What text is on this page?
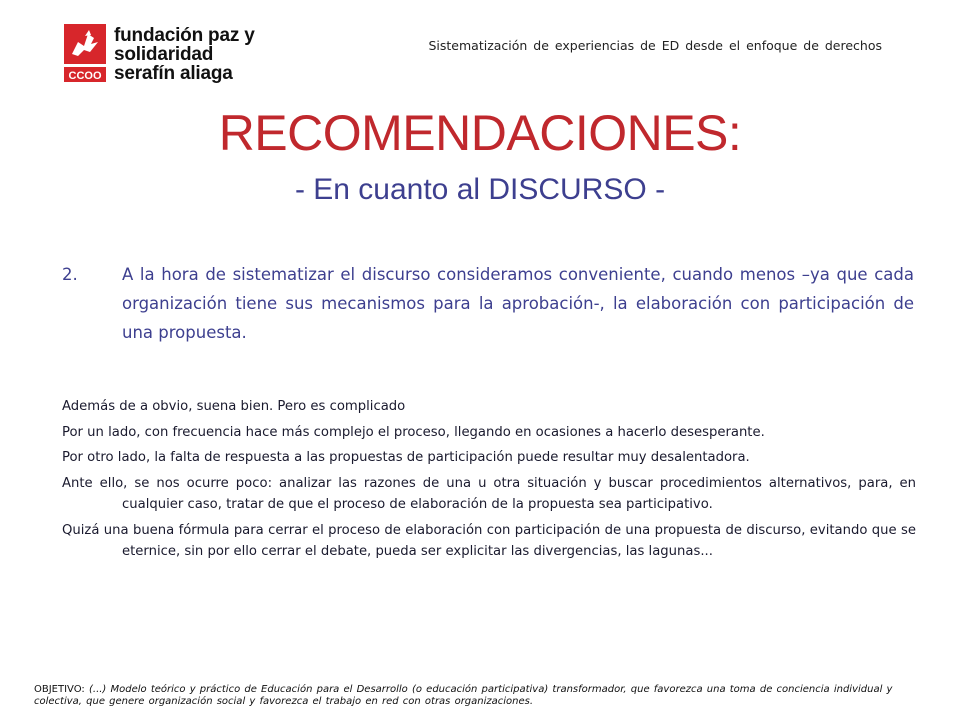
CCOO
fundación paz y solidaridad
serafín aliaga
Sistematización de experiencias de ED desde el enfoque de derechos
RECOMENDACIONES:
- En cuanto al DISCURSO -
2.	A la hora de sistematizar el discurso consideramos conveniente, cuando menos –ya que cada organización tiene sus mecanismos para la aprobación-, la elaboración con participación de una propuesta.

Además de a obvio, suena bien. Pero es complicado

Por un lado, con frecuencia hace más complejo el proceso, llegando en ocasiones a hacerlo desesperante.

Por otro lado, la falta de respuesta a las propuestas de participación puede resultar muy desalentadora.

Ante ello, se nos ocurre poco: analizar las razones de una u otra situación y buscar procedimientos alternativos, para, en cualquier caso, tratar de que el proceso de elaboración de la propuesta sea participativo.

Quizá una buena fórmula para cerrar el proceso de elaboración con participación de una propuesta de discurso, evitando que se eternice, sin por ello cerrar el debate, pueda ser explicitar las divergencias, las lagunas...

OBJETIVO: (...) Modelo teórico y práctico de Educación para el Desarrollo (o educación participativa) transformador, que favorezca una toma de conciencia individual y colectiva, que genere organización social y favorezca el trabajo en red con otras organizaciones.
